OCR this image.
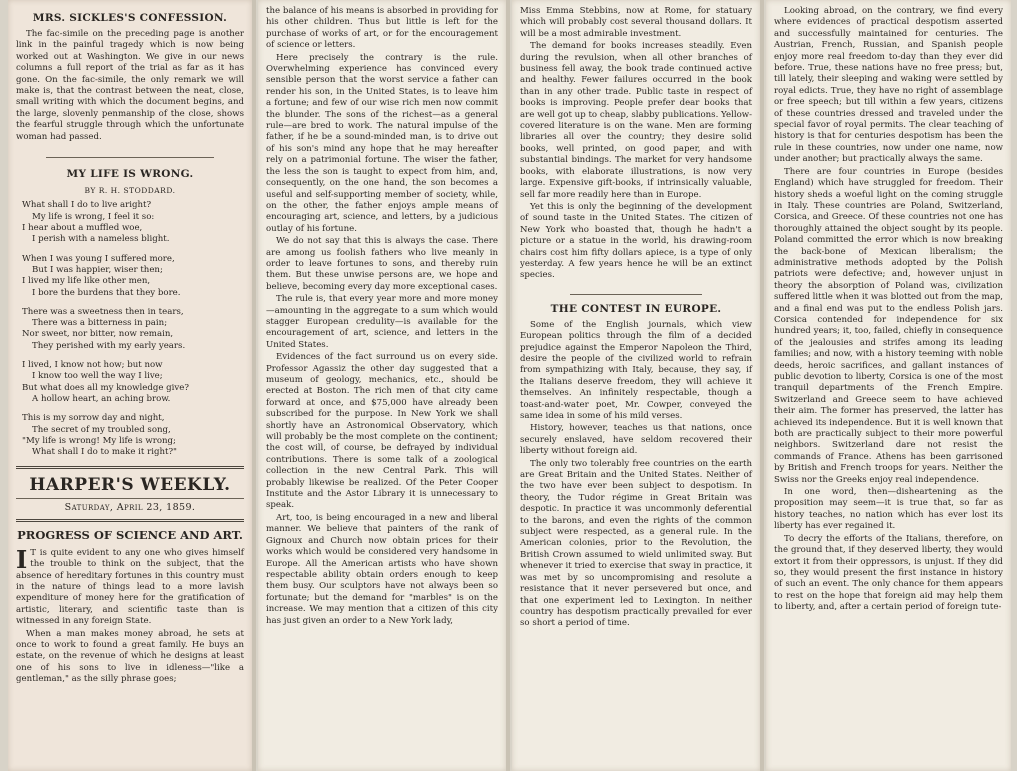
MRS. SICKLES'S CONFESSION.

The fac-simile on the preceding page is another link in the painful tragedy which is now being worked out at Washington. We give in our news columns a full report of the trial as far as it has gone. On the fac-simile, the only remark we will make is, that the contrast between the neat, close, small writing with which the document begins, and the large, slovenly penmanship of the close, shows the fearful struggle through which the unfortunate woman had passed.

MY LIFE IS WRONG.
BY R. H. STODDARD.
What shall I do to live aright?
My life is wrong, I feel it so:
I hear about a muffled woe,
I perish with a nameless blight.
When I was young I suffered more,
But I was happier, wiser then;
I lived my life like other men,
I bore the burdens that they bore.
There was a sweetness then in tears,
There was a bitterness in pain;
Nor sweet, nor bitter, now remain,
They perished with my early years.
I lived, I know not how; but now
I know too well the way I live;
But what does all my knowledge give?
A hollow heart, an aching brow.
This is my sorrow day and night,
The secret of my troubled song,
"My life is wrong! My life is wrong;
What shall I do to make it right?"
HARPER'S WEEKLY.
Saturday, April 23, 1859.
PROGRESS OF SCIENCE AND ART.

I T is quite evident to any one who gives himself the trouble to think on the subject, that the absence of hereditary fortunes in this country must in the nature of things lead to a more lavish expenditure of money here for the gratification of artistic, literary, and scientific taste than is witnessed in any foreign State.

When a man makes money abroad, he sets at once to work to found a great family. He buys an estate, on the revenue of which he designs at least one of his sons to live in idleness—"like a gentleman," as the silly phrase goes;

the balance of his means is absorbed in providing for his other children. Thus but little is left for the purchase of works of art, or for the encouragement of science or letters.

Here precisely the contrary is the rule. Overwhelming experience has convinced every sensible person that the worst service a father can render his son, in the United States, is to leave him a fortune; and few of our wise rich men now commit the blunder. The sons of the richest—as a general rule—are bred to work. The natural impulse of the father, if he be a sound-minded man, is to drive out of his son's mind any hope that he may hereafter rely on a patrimonial fortune. The wiser the father, the less the son is taught to expect from him, and, consequently, on the one hand, the son becomes a useful and self-supporting member of society, while, on the other, the father enjoys ample means of encouraging art, science, and letters, by a judicious outlay of his fortune.

We do not say that this is always the case. There are among us foolish fathers who live meanly in order to leave fortunes to sons, and thereby ruin them. But these unwise persons are, we hope and believe, becoming every day more exceptional cases.

The rule is, that every year more and more money—amounting in the aggregate to a sum which would stagger European credulity—is available for the encouragement of art, science, and letters in the United States.

Evidences of the fact surround us on every side. Professor Agassiz the other day suggested that a museum of geology, mechanics, etc., should be erected at Boston. The rich men of that city came forward at once, and $75,000 have already been subscribed for the purpose. In New York we shall shortly have an Astronomical Observatory, which will probably be the most complete on the continent; the cost will, of course, be defrayed by individual contributions. There is some talk of a zoological collection in the new Central Park. This will probably likewise be realized. Of the Peter Cooper Institute and the Astor Library it is unnecessary to speak.

Art, too, is being encouraged in a new and liberal manner. We believe that painters of the rank of Gignoux and Church now obtain prices for their works which would be considered very handsome in Europe. All the American artists who have shown respectable ability obtain orders enough to keep them busy. Our sculptors have not always been so fortunate; but the demand for "marbles" is on the increase. We may mention that a citizen of this city has just given an order to a New York lady,

Miss Emma Stebbins, now at Rome, for statuary which will probably cost several thousand dollars. It will be a most admirable investment.

The demand for books increases steadily. Even during the revulsion, when all other branches of business fell away, the book trade continued active and healthy. Fewer failures occurred in the book than in any other trade. Public taste in respect of books is improving. People prefer dear books that are well got up to cheap, slabby publications. Yellow-covered literature is on the wane. Men are forming libraries all over the country; they desire solid books, well printed, on good paper, and with substantial bindings. The market for very handsome books, with elaborate illustrations, is now very large. Expensive gift-books, if intrinsically valuable, sell far more readily here than in Europe.

Yet this is only the beginning of the development of sound taste in the United States. The citizen of New York who boasted that, though he hadn't a picture or a statue in the world, his drawing-room chairs cost him fifty dollars apiece, is a type of only yesterday. A few years hence he will be an extinct species.

THE CONTEST IN EUROPE.

Some of the English journals, which view European politics through the film of a decided prejudice against the Emperor Napoleon the Third, desire the people of the civilized world to refrain from sympathizing with Italy, because, they say, if the Italians deserve freedom, they will achieve it themselves. An infinitely respectable, though a toast-and-water poet, Mr. Cowper, conveyed the same idea in some of his mild verses.

History, however, teaches us that nations, once securely enslaved, have seldom recovered their liberty without foreign aid.

The only two tolerably free countries on the earth are Great Britain and the United States. Neither of the two have ever been subject to despotism. In theory, the Tudor régime in Great Britain was despotic. In practice it was uncommonly deferential to the barons, and even the rights of the common subject were respected, as a general rule. In the American colonies, prior to the Revolution, the British Crown assumed to wield unlimited sway. But whenever it tried to exercise that sway in practice, it was met by so uncompromising and resolute a resistance that it never persevered but once, and that one experiment led to Lexington. In neither country has despotism practically prevailed for ever so short a period of time.

Looking abroad, on the contrary, we find every where evidences of practical despotism asserted and successfully maintained for centuries. The Austrian, French, Russian, and Spanish people enjoy more real freedom to-day than they ever did before. True, these nations have no free press; but, till lately, their sleeping and waking were settled by royal edicts. True, they have no right of assemblage or free speech; but till within a few years, citizens of these countries dressed and traveled under the special favor of royal permits. The clear teaching of history is that for centuries despotism has been the rule in these countries, now under one name, now under another; but practically always the same.

There are four countries in Europe (besides England) which have struggled for freedom. Their history sheds a woeful light on the coming struggle in Italy. These countries are Poland, Switzerland, Corsica, and Greece. Of these countries not one has thoroughly attained the object sought by its people. Poland committed the error which is now breaking the back-bone of Mexican liberalism; the administrative methods adopted by the Polish patriots were defective; and, however unjust in theory the absorption of Poland was, civilization suffered little when it was blotted out from the map, and a final end was put to the endless Polish jars. Corsica contended for independence for six hundred years; it, too, failed, chiefly in consequence of the jealousies and strifes among its leading families; and now, with a history teeming with noble deeds, heroic sacrifices, and gallant instances of public devotion to liberty, Corsica is one of the most tranquil departments of the French Empire. Switzerland and Greece seem to have achieved their aim. The former has preserved, the latter has achieved its independence. But it is well known that both are practically subject to their more powerful neighbors. Switzerland dare not resist the commands of France. Athens has been garrisoned by British and French troops for years. Neither the Swiss nor the Greeks enjoy real independence.

In one word, then—disheartening as the proposition may seem—it is true that, so far as history teaches, no nation which has ever lost its liberty has ever regained it.

To decry the efforts of the Italians, therefore, on the ground that, if they deserved liberty, they would extort it from their oppressors, is unjust. If they did so, they would present the first instance in history of such an event. The only chance for them appears to rest on the hope that foreign aid may help them to liberty, and, after a certain period of foreign tute-
